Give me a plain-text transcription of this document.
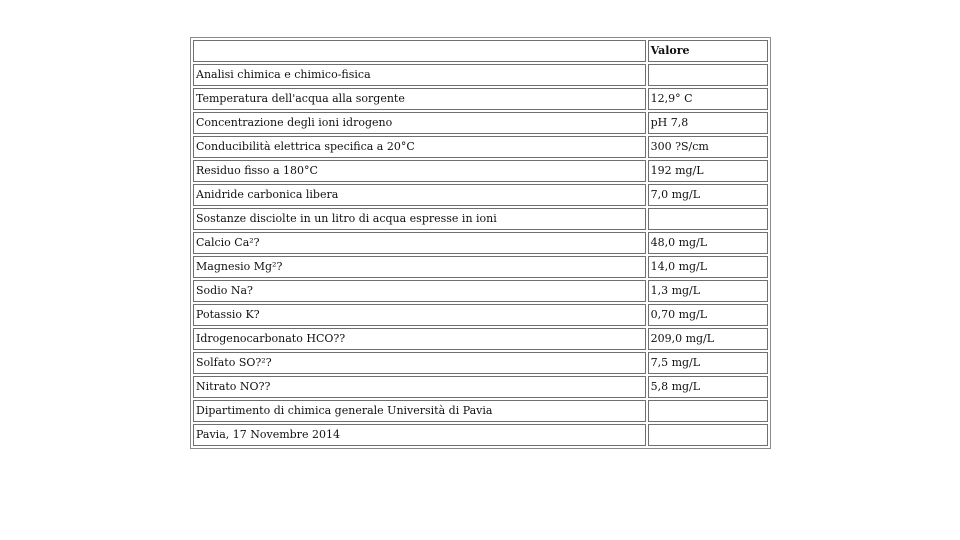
	Valore
Analisi chimica e chimico-fisica	
Temperatura dell'acqua alla sorgente	12,9° C
Concentrazione degli ioni idrogeno	pH 7,8
Conducibilità elettrica specifica a 20°C	300 ?S/cm
Residuo fisso a 180°C	192 mg/L
Anidride carbonica libera	7,0 mg/L
Sostanze disciolte in un litro di acqua espresse in ioni	
Calcio Ca²?	48,0 mg/L
Magnesio Mg²?	14,0 mg/L
Sodio Na?	1,3 mg/L
Potassio K?	0,70 mg/L
Idrogenocarbonato HCO??	209,0 mg/L
Solfato SO?²?	7,5 mg/L
Nitrato NO??	5,8 mg/L
Dipartimento di chimica generale Università di Pavia	
Pavia, 17 Novembre 2014	
